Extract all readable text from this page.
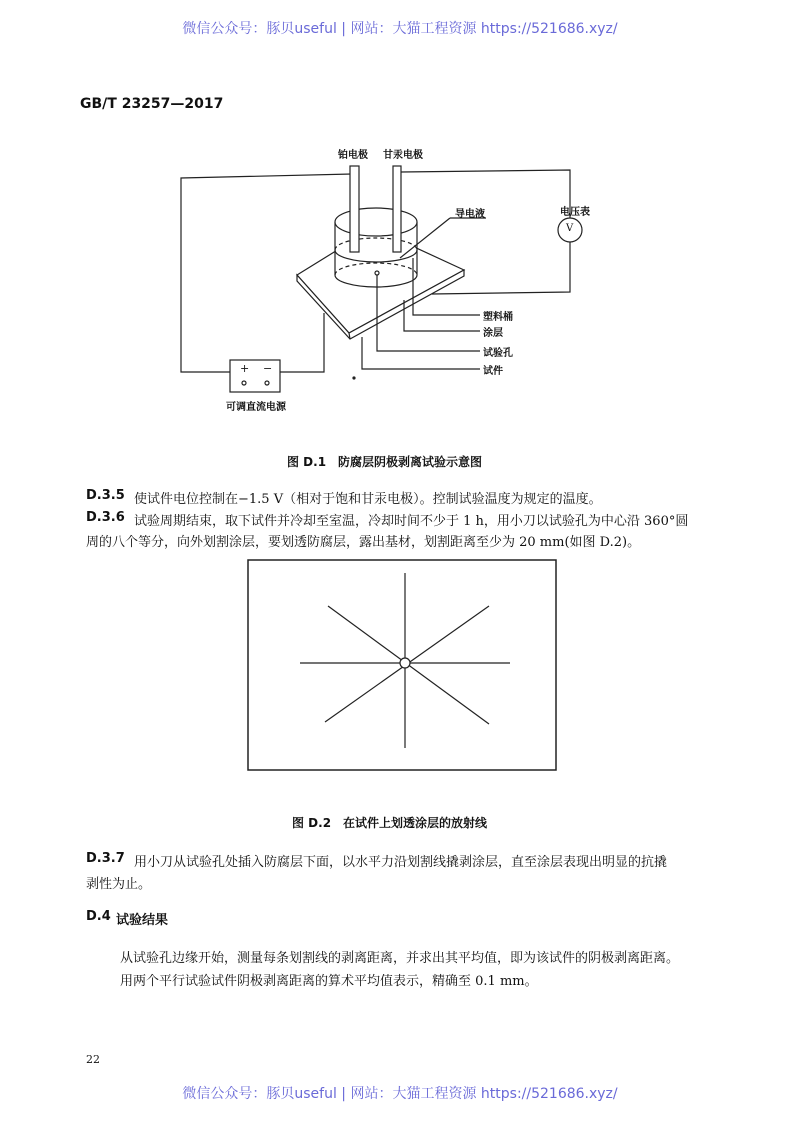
微信公众号：豚贝useful | 网站：大猫工程资源 https://521686.xyz/
GB/T 23257—2017
铂电极 甘汞电极
导电液	电压表
V
塑料桶
涂层
试验孔
试件
可调直流电源
+ −
图 D.1　防腐层阴极剥离试验示意图
D.3.5 使试件电位控制在−1.5 V（相对于饱和甘汞电极）。控制试验温度为规定的温度。
D.3.6 试验周期结束，取下试件并冷却至室温，冷却时间不少于 1 h，用小刀以试验孔为中心沿 360°圆
周的八个等分，向外划割涂层，要划透防腐层，露出基材，划割距离至少为 20 mm(如图 D.2)。
图 D.2　在试件上划透涂层的放射线
D.3.7 用小刀从试验孔处插入防腐层下面，以水平力沿划割线撬剥涂层，直至涂层表现出明显的抗撬
剥性为止。
D.4 试验结果
从试验孔边缘开始，测量每条划割线的剥离距离，并求出其平均值，即为该试件的阴极剥离距离。
用两个平行试验试件阴极剥离距离的算术平均值表示，精确至 0.1 mm。
22
微信公众号：豚贝useful | 网站：大猫工程资源 https://521686.xyz/
